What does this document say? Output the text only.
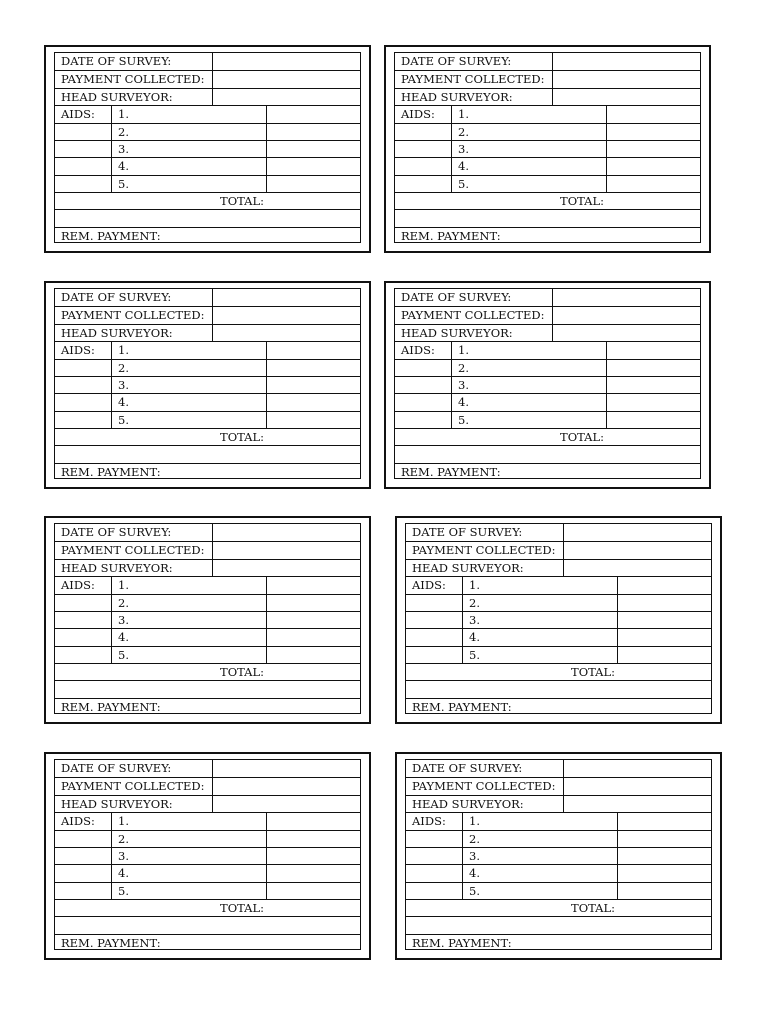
DATE OF SURVEY:
PAYMENT COLLECTED:
HEAD SURVEYOR:
AIDS:	1.
2.
3.
4.
5.
TOTAL:
REM. PAYMENT:
DATE OF SURVEY:
PAYMENT COLLECTED:
HEAD SURVEYOR:
AIDS:	1.
2.
3.
4.
5.
TOTAL:
REM. PAYMENT:
DATE OF SURVEY:
PAYMENT COLLECTED:
HEAD SURVEYOR:
AIDS:	1.
2.
3.
4.
5.
TOTAL:
REM. PAYMENT:
DATE OF SURVEY:
PAYMENT COLLECTED:
HEAD SURVEYOR:
AIDS:	1.
2.
3.
4.
5.
TOTAL:
REM. PAYMENT:
DATE OF SURVEY:
PAYMENT COLLECTED:
HEAD SURVEYOR:
AIDS:	1.
2.
3.
4.
5.
TOTAL:
REM. PAYMENT:
DATE OF SURVEY:
PAYMENT COLLECTED:
HEAD SURVEYOR:
AIDS:	1.
2.
3.
4.
5.
TOTAL:
REM. PAYMENT:
DATE OF SURVEY:
PAYMENT COLLECTED:
HEAD SURVEYOR:
AIDS:	1.
2.
3.
4.
5.
TOTAL:
REM. PAYMENT:
DATE OF SURVEY:
PAYMENT COLLECTED:
HEAD SURVEYOR:
AIDS:	1.
2.
3.
4.
5.
TOTAL:
REM. PAYMENT:
